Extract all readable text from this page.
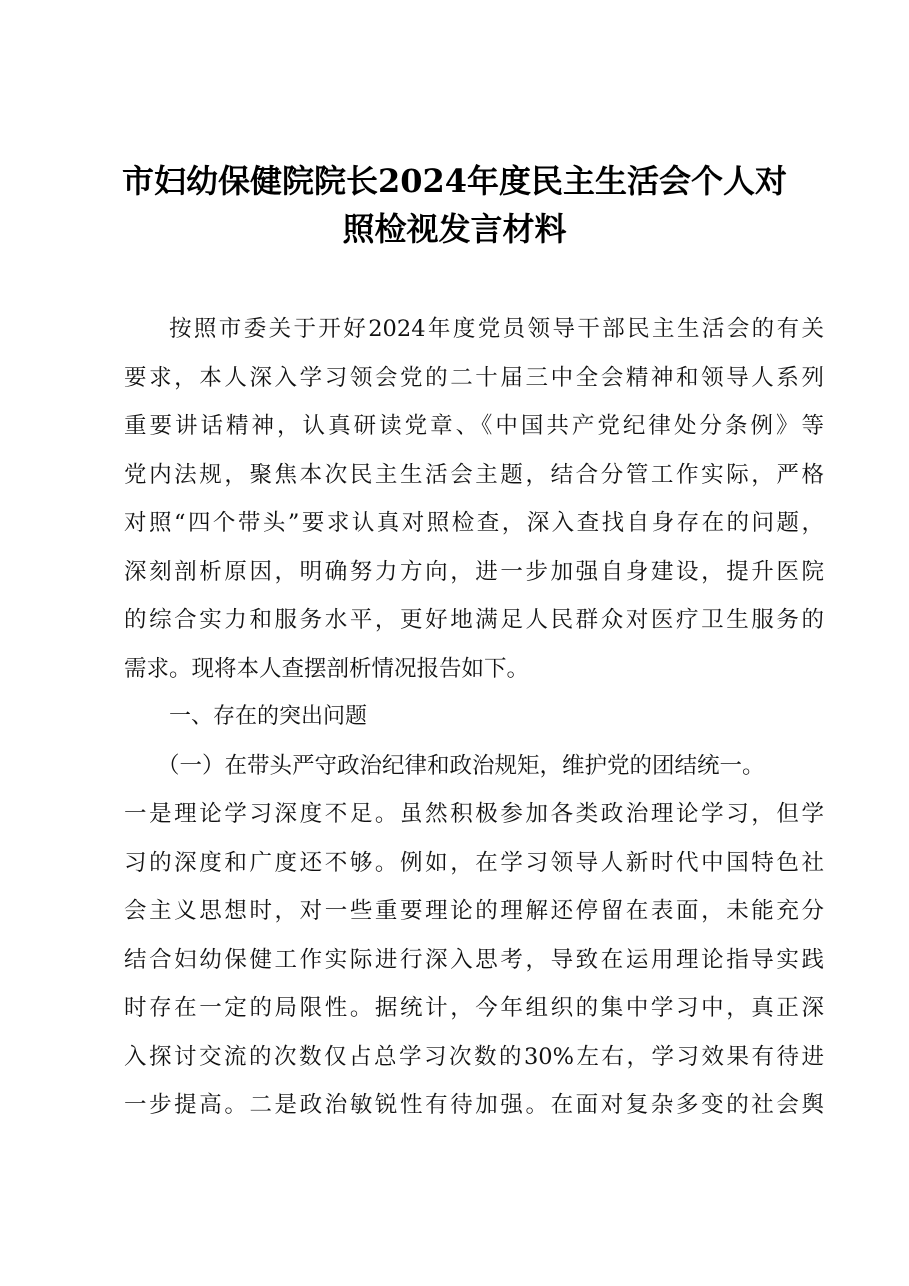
市妇幼保健院院长2024年度民主生活会个人对
照检视发言材料
按照市委关于开好2024年度党员领导干部民主生活会的有关
要求，本人深入学习领会党的二十届三中全会精神和领导人系列
重要讲话精神，认真研读党章、《中国共产党纪律处分条例》等
党内法规，聚焦本次民主生活会主题，结合分管工作实际，严格
对照“四个带头”要求认真对照检查，深入查找自身存在的问题，
深刻剖析原因，明确努力方向，进一步加强自身建设，提升医院
的综合实力和服务水平，更好地满足人民群众对医疗卫生服务的
需求。现将本人查摆剖析情况报告如下。
一、存在的突出问题
（一）在带头严守政治纪律和政治规矩，维护党的团结统一。
一是理论学习深度不足。虽然积极参加各类政治理论学习，但学
习的深度和广度还不够。例如，在学习领导人新时代中国特色社
会主义思想时，对一些重要理论的理解还停留在表面，未能充分
结合妇幼保健工作实际进行深入思考，导致在运用理论指导实践
时存在一定的局限性。据统计，今年组织的集中学习中，真正深
入探讨交流的次数仅占总学习次数的30%左右，学习效果有待进
一步提高。二是政治敏锐性有待加强。在面对复杂多变的社会舆
